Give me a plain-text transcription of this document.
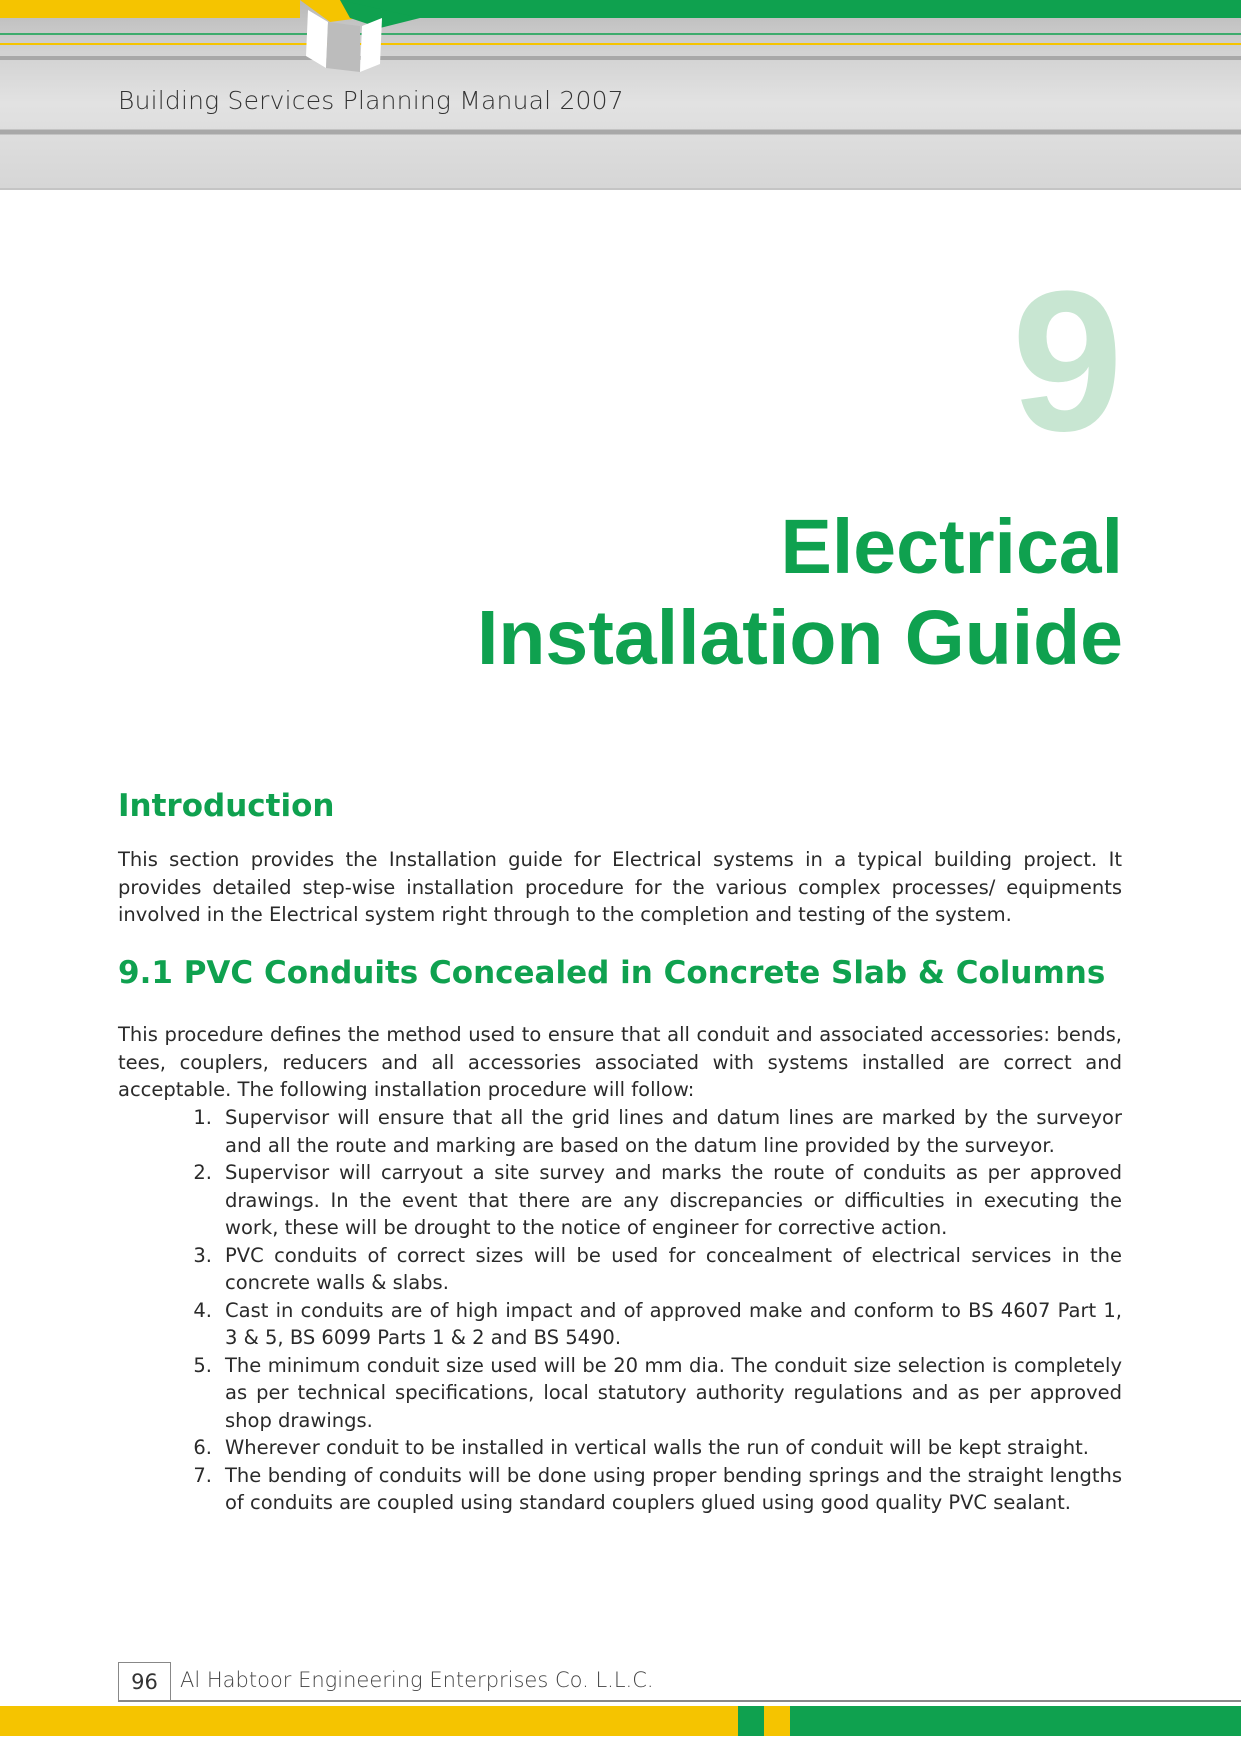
Building Services Planning Manual 2007
9
Electrical
Installation Guide
Introduction
This section provides the Installation guide for Electrical systems in a typical building project. It provides detailed step-wise installation procedure for the various complex processes/ equipments involved in the Electrical system right through to the completion and testing of the system.
9.1 PVC Conduits Concealed in Concrete Slab & Columns
This procedure defines the method used to ensure that all conduit and associated accessories: bends, tees, couplers, reducers and all accessories associated with systems installed are correct and acceptable. The following installation procedure will follow:
1. Supervisor will ensure that all the grid lines and datum lines are marked by the surveyor and all the route and marking are based on the datum line provided by the surveyor.
2. Supervisor will carryout a site survey and marks the route of conduits as per approved drawings. In the event that there are any discrepancies or difficulties in executing the work, these will be drought to the notice of engineer for corrective action.
3. PVC conduits of correct sizes will be used for concealment of electrical services in the concrete walls & slabs.
4. Cast in conduits are of high impact and of approved make and conform to BS 4607 Part 1, 3 & 5, BS 6099 Parts 1 & 2 and BS 5490.
5. The minimum conduit size used will be 20 mm dia. The conduit size selection is completely as per technical specifications, local statutory authority regulations and as per approved shop drawings.
6. Wherever conduit to be installed in vertical walls the run of conduit will be kept straight.
7. The bending of conduits will be done using proper bending springs and the straight lengths of conduits are coupled using standard couplers glued using good quality PVC sealant.
96	Al Habtoor Engineering Enterprises Co. L.L.C.
